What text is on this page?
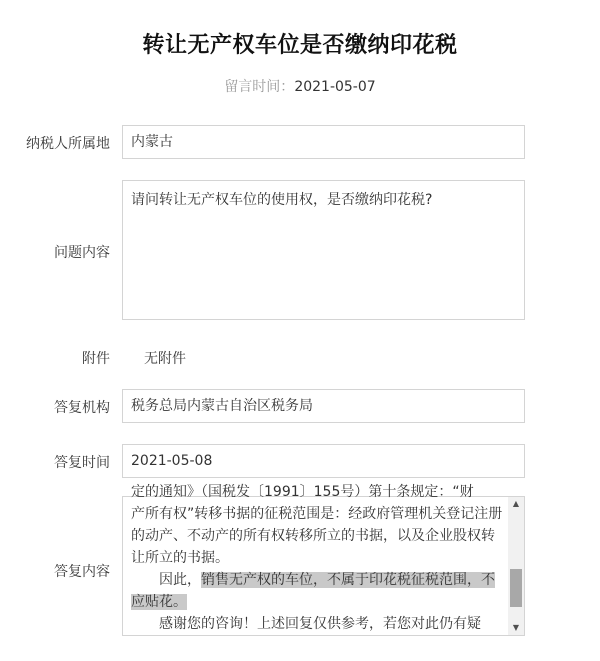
转让无产权车位是否缴纳印花税
留言时间：2021-05-07
纳税人所属地	内蒙古
问题内容
请问转让无产权车位的使用权，是否缴纳印花税?
附件 无附件
答复机构	税务总局内蒙古自治区税务局
答复时间	2021-05-08
答复内容

定的通知》（国税发〔1991〕155号）第十条规定：“财

产所有权”转移书据的征税范围是：经政府管理机关登记注册的动产、不动产的所有权转移所立的书据，以及企业股权转让所立的书据。

　　因此，销售无产权的车位，不属于印花税征税范围，不应贴花。

　　感谢您的咨询！上述回复仅供参考，若您对此仍有疑

▲
▼
